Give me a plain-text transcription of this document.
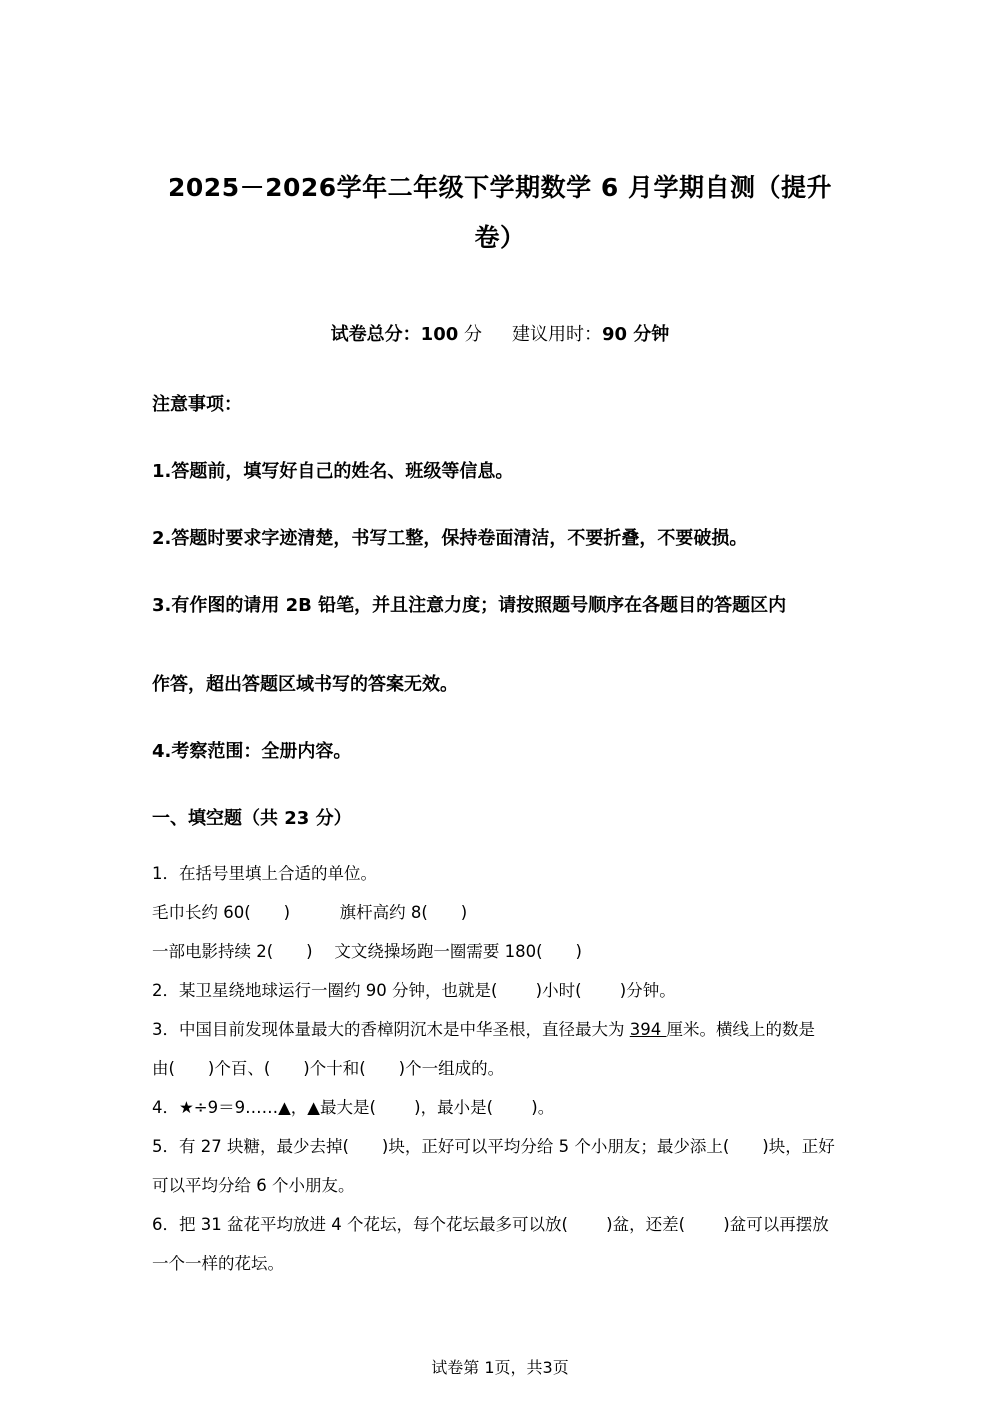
2025－2026学年二年级下学期数学 6 月学期自测（提升
卷）
试卷总分：100 分 建议用时：90 分钟
注意事项：
1.答题前，填写好自己的姓名、班级等信息。
2.答题时要求字迹清楚，书写工整，保持卷面清洁，不要折叠，不要破损。
3.有作图的请用 2B 铅笔，并且注意力度；请按照题号顺序在各题目的答题区内
作答，超出答题区域书写的答案无效。
4.考察范围：全册内容。
一、填空题（共 23 分）
1．在括号里填上合适的单位。
毛巾长约 60(　　)　　　旗杆高约 8(　　)
一部电影持续 2(　　)　 文文绕操场跑一圈需要 180(　　)
2．某卫星绕地球运行一圈约 90 分钟，也就是(　　 )小时(　　 )分钟。
3．中国目前发现体量最大的香樟阴沉木是中华圣根，直径最大为 394 厘米。横线上的数是
由(　　)个百、(　　)个十和(　　)个一组成的。
4．★÷9＝9……▲，▲最大是(　　 )，最小是(　　 )。
5．有 27 块糖，最少去掉(　　)块，正好可以平均分给 5 个小朋友；最少添上(　　)块，正好
可以平均分给 6 个小朋友。
6．把 31 盆花平均放进 4 个花坛，每个花坛最多可以放(　　 )盆，还差(　　 )盆可以再摆放
一个一样的花坛。
试卷第 1页，共3页
